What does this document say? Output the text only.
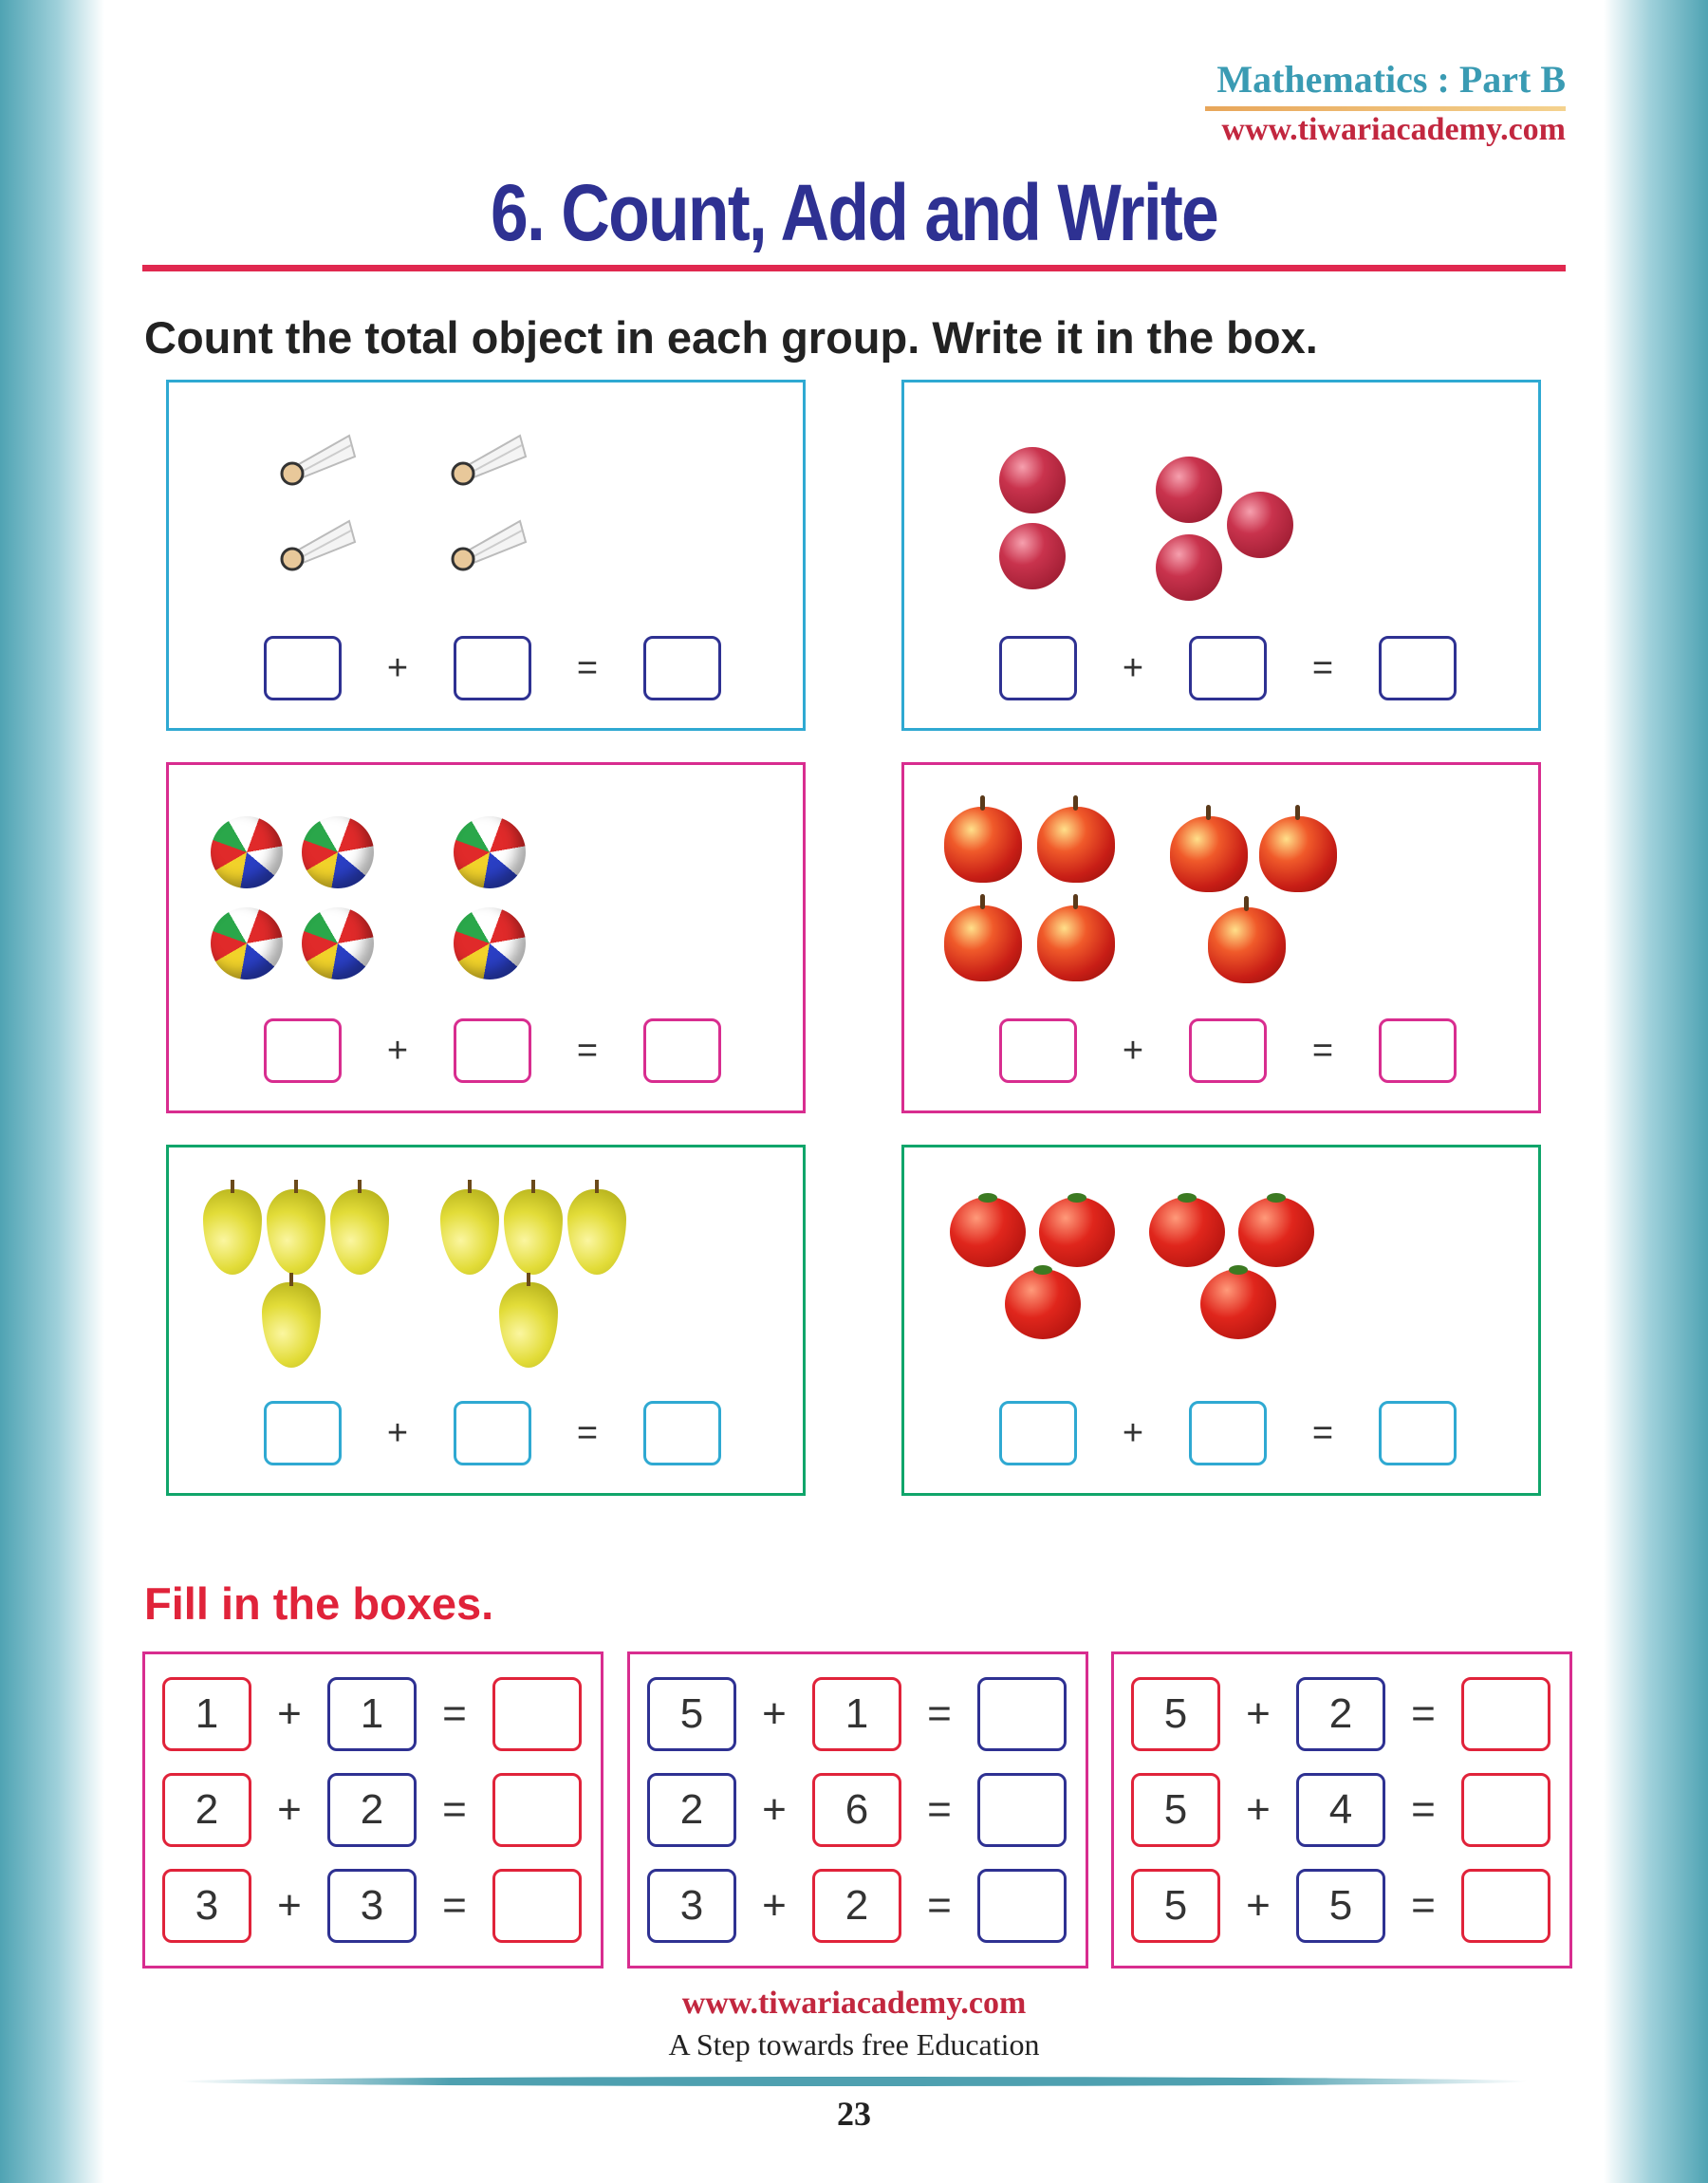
Mathematics : Part B
www.tiwariacademy.com
6. Count, Add and Write
Count the total object in each group. Write it in the box.
+	=	+	=
+	=	+	=
+	=	+	=
Fill in the boxes.
1	+	1	=
2	+	2	=
3	+	3	=
5	+	1	=
2	+	6	=
3	+	2	=
5	+	2	=
5	+	4	=
5	+	5	=
www.tiwariacademy.com
A Step towards free Education
23
